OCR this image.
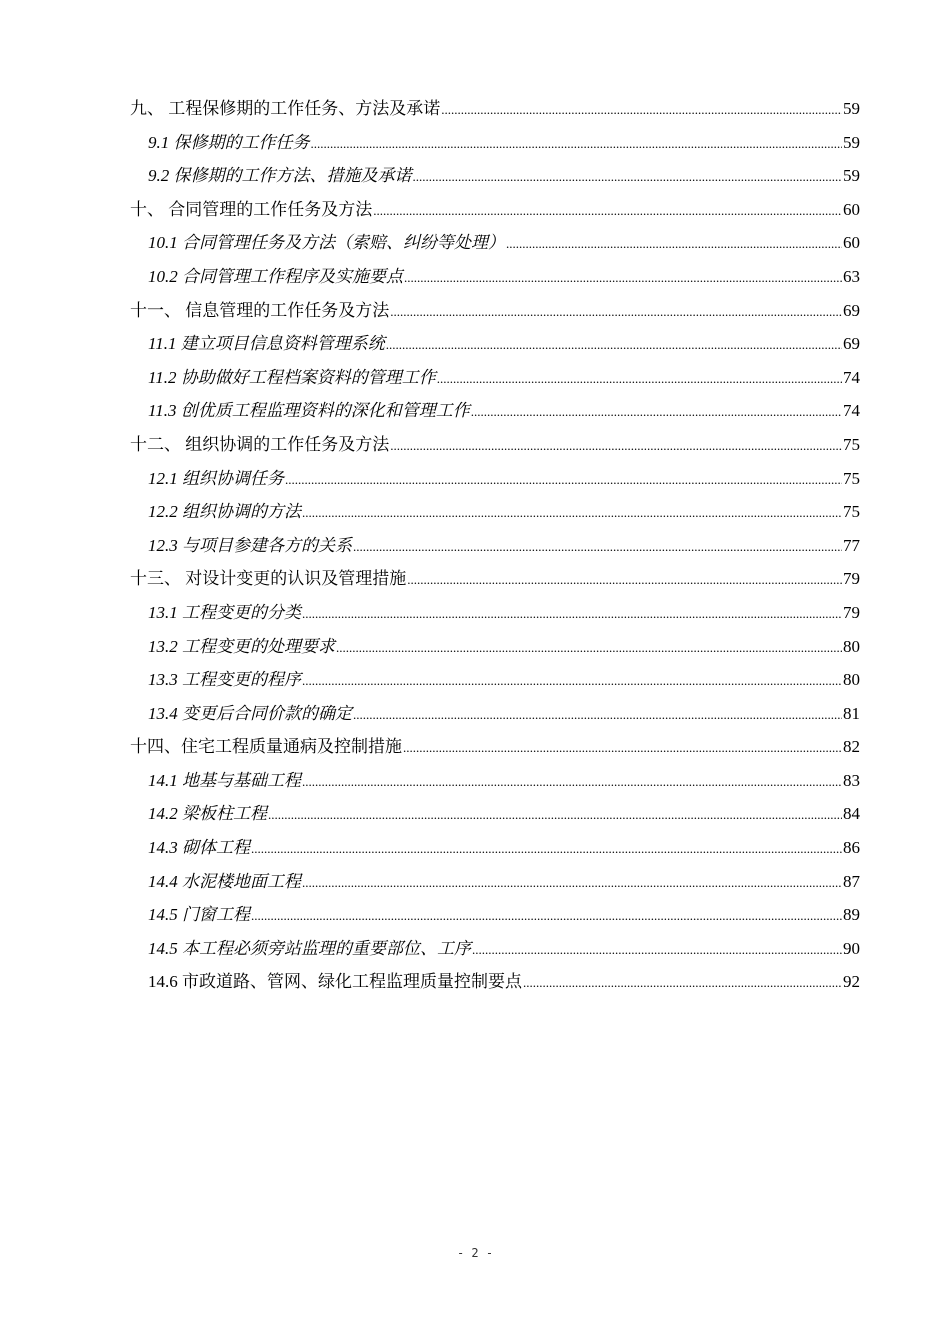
九、 工程保修期的工作任务、方法及承诺 .....	59
9.1 保修期的工作任务 .....	59
9.2 保修期的工作方法、措施及承诺 .....	59
十、 合同管理的工作任务及方法 .....	60
10.1 合同管理任务及方法（索赔、纠纷等处理） .....	60
10.2 合同管理工作程序及实施要点 .....	63
十一、 信息管理的工作任务及方法 .....	69
11.1 建立项目信息资料管理系统 .....	69
11.2 协助做好工程档案资料的管理工作 .....	74
11.3 创优质工程监理资料的深化和管理工作 .....	74
十二、 组织协调的工作任务及方法 .....	75
12.1 组织协调任务 .....	75
12.2 组织协调的方法 .....	75
12.3 与项目参建各方的关系 .....	77
十三、 对设计变更的认识及管理措施 .....	79
13.1 工程变更的分类 .....	79
13.2 工程变更的处理要求 .....	80
13.3 工程变更的程序 .....	80
13.4 变更后合同价款的确定 .....	81
十四、住宅工程质量通病及控制措施 .....	82
14.1 地基与基础工程 .....	83
14.2 梁板柱工程 .....	84
14.3 砌体工程 .....	86
14.4 水泥楼地面工程 .....	87
14.5 门窗工程 .....	89
14.5 本工程必须旁站监理的重要部位、工序 .....	90
14.6 市政道路、管网、绿化工程监理质量控制要点 .....	92
- 2 -
